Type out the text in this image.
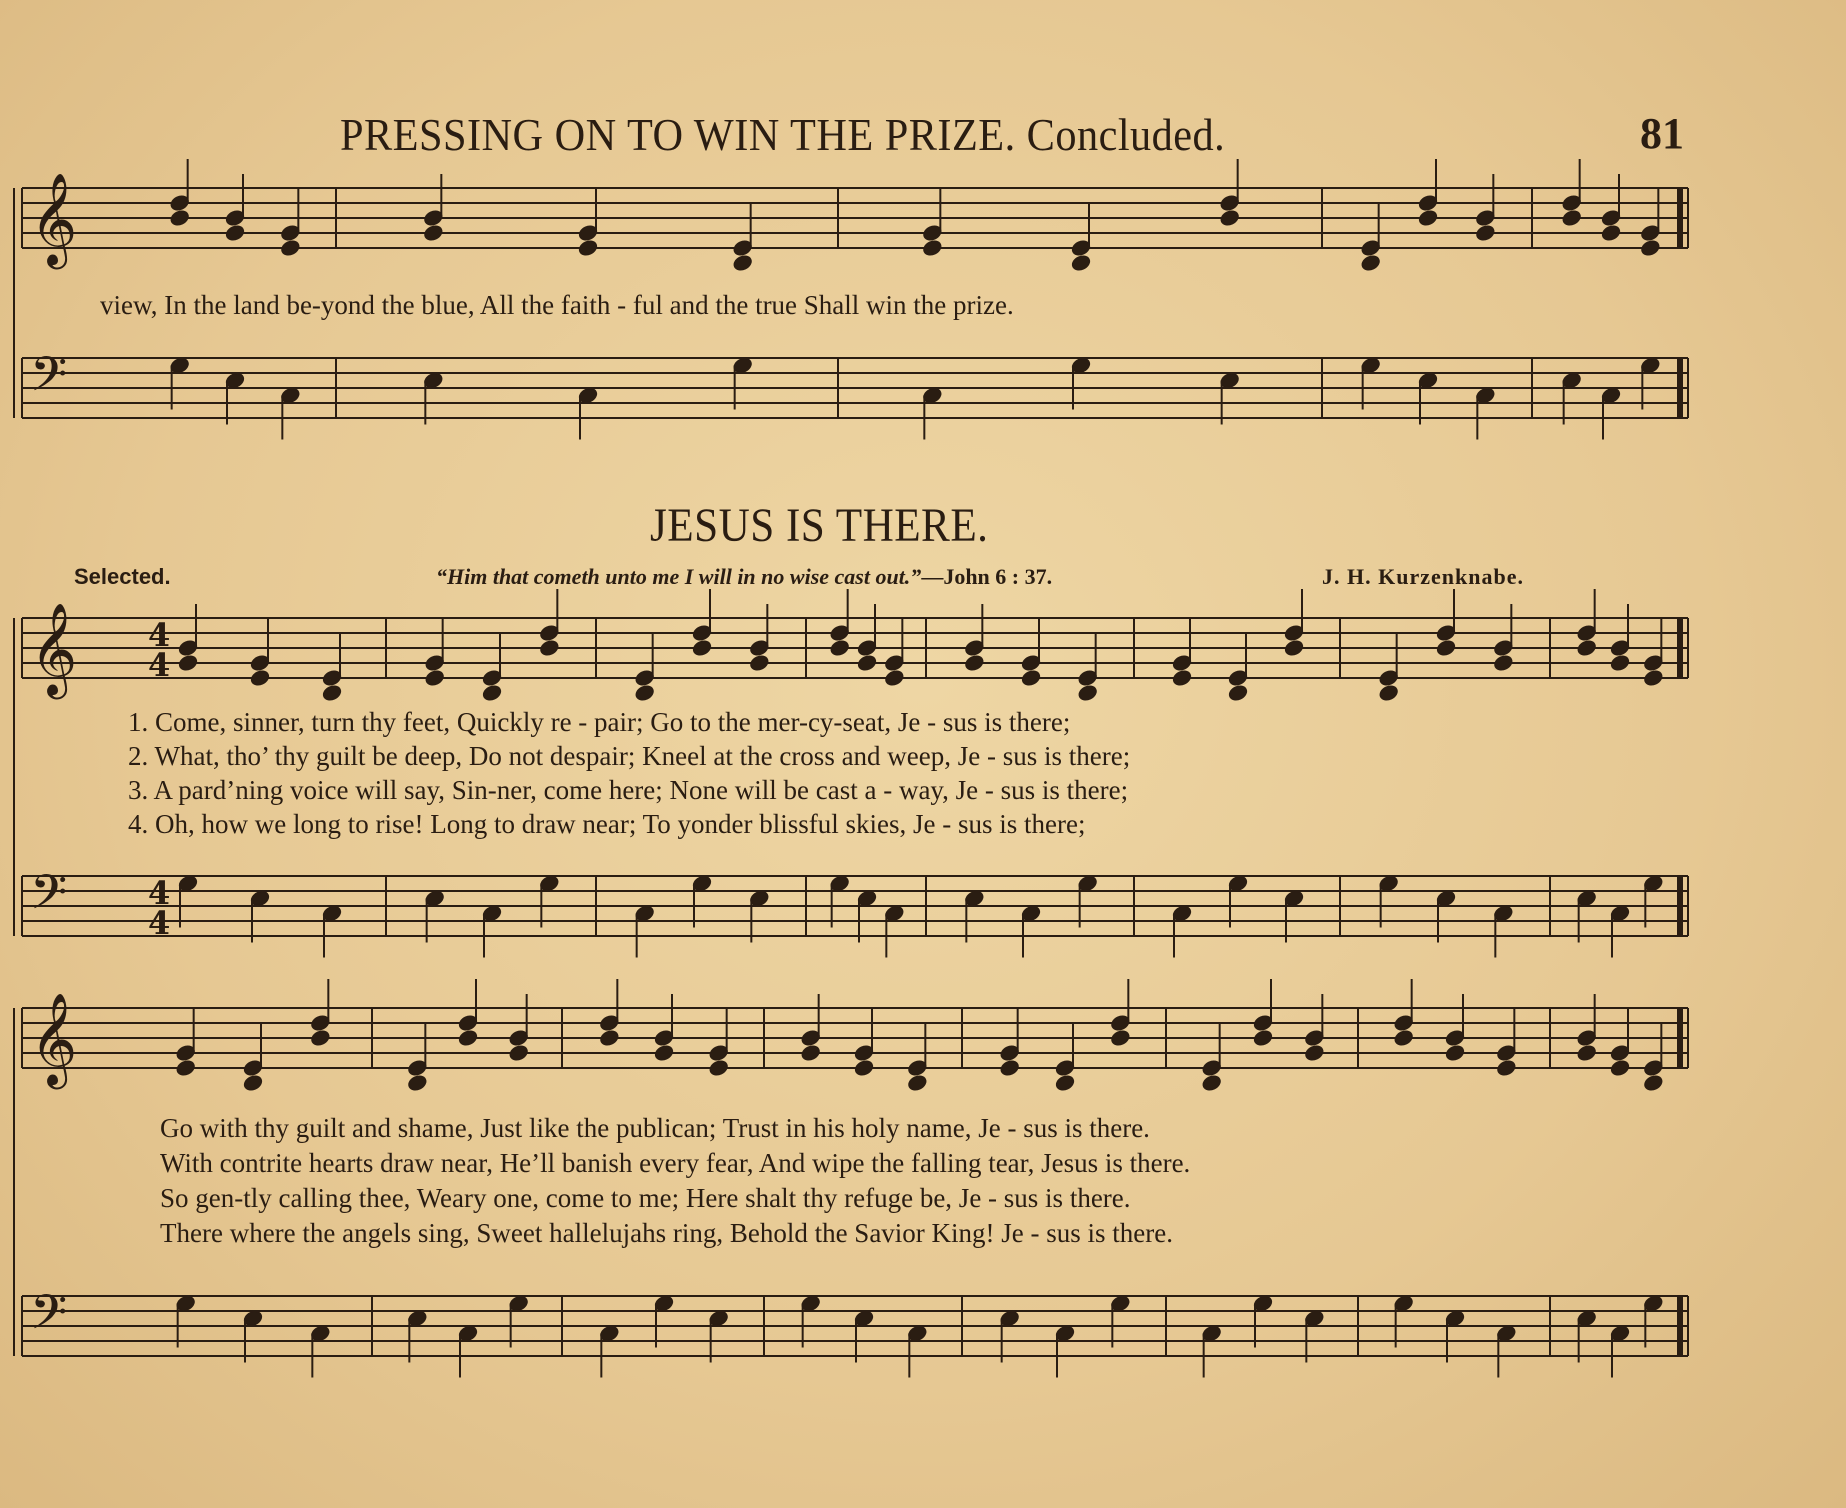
PRESSING ON TO WIN THE PRIZE. Concluded.	81
𝄞
𝄢
𝄞
𝄢
𝄞
𝄢
4
4
4
4
view, In the land be-yond the blue, All the faith - ful and the true Shall win the prize.
JESUS IS THERE.
Selected.	“Him that cometh unto me I will in no wise cast out.”—John 6 : 37.	J. H. Kurzenknabe.
1. Come, sinner, turn thy feet, Quickly re - pair; Go to the mer-cy-seat, Je - sus is there;
2. What, tho’ thy guilt be deep, Do not despair; Kneel at the cross and weep, Je - sus is there;
3. A pard’ning voice will say, Sin-ner, come here; None will be cast a - way, Je - sus is there;
4. Oh, how we long to rise! Long to draw near; To yonder blissful skies, Je - sus is there;
Go with thy guilt and shame, Just like the publican; Trust in his holy name, Je - sus is there.
With contrite hearts draw near, He’ll banish every fear, And wipe the falling tear, Jesus is there.
So gen-tly calling thee, Weary one, come to me; Here shalt thy refuge be, Je - sus is there.
There where the angels sing, Sweet hallelujahs ring, Behold the Savior King! Je - sus is there.
